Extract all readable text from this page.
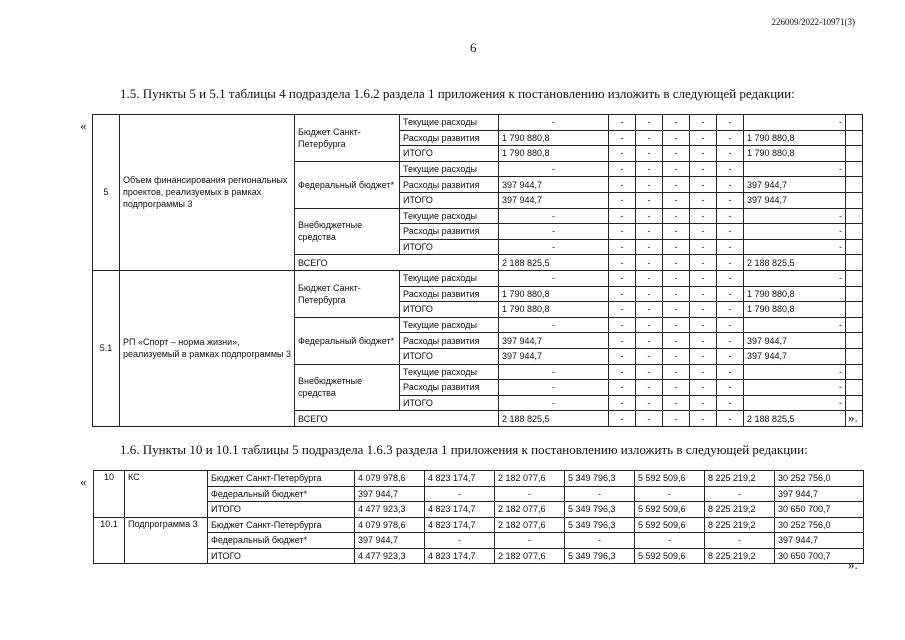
226009/2022-10971(3)
6
1.5. Пункты 5 и 5.1 таблицы 4 подраздела 1.6.2 раздела 1 приложения к постановлению изложить в следующей редакции:
«
».
5	Объем финансирования региональных проектов, реализуемых в рамках подпрограммы 3	Бюджет Санкт-Петербурга	Текущие расходы	-	-	-	-	-	-	-	
			Расходы развития	1 790 880,8	-	-	-	-	-	1 790 880,8	
			ИТОГО	1 790 880,8	-	-	-	-	-	1 790 880,8	
		Федеральный бюджет*	Текущие расходы	-	-	-	-	-	-	-	
			Расходы развития	397 944,7	-	-	-	-	-	397 944,7	
			ИТОГО	397 944,7	-	-	-	-	-	397 944,7	
		Внебюджетные средства	Текущие расходы	-	-	-	-	-	-	-	
			Расходы развития	-	-	-	-	-	-	-	
			ИТОГО	-	-	-	-	-	-	-	
		ВСЕГО		2 188 825,5	-	-	-	-	-	2 188 825,5	
5.1	РП «Спорт – норма жизни», реализуемый в рамках подпрограммы 3	Бюджет Санкт-Петербурга	Текущие расходы	-	-	-	-	-	-	-	
			Расходы развития	1 790 880,8	-	-	-	-	-	1 790 880,8	
			ИТОГО	1 790 880,8	-	-	-	-	-	1 790 880,8	
		Федеральный бюджет*	Текущие расходы	-	-	-	-	-	-	-	
			Расходы развития	397 944,7	-	-	-	-	-	397 944,7	
			ИТОГО	397 944,7	-	-	-	-	-	397 944,7	
		Внебюджетные средства	Текущие расходы	-	-	-	-	-	-	-	
			Расходы развития	-	-	-	-	-	-	-	
			ИТОГО	-	-	-	-	-	-	-	
		ВСЕГО		2 188 825,5	-	-	-	-	-	2 188 825,5	
1.6. Пункты 10 и 10.1 таблицы 5 подраздела 1.6.3 раздела 1 приложения к постановлению изложить в следующей редакции:
«
».
10	КС	Бюджет Санкт-Петербурга	4 079 978,6	4 823 174,7	2 182 077,6	5 349 796,3	5 592 509,6	8 225 219,2	30 252 756,0
		Федеральный бюджет*	397 944,7	-	-	-	-	-	397 944,7
		ИТОГО	4 477 923,3	4 823 174,7	2 182 077,6	5 349 796,3	5 592 509,6	8 225 219,2	30 650 700,7
10.1	Подпрограмма 3	Бюджет Санкт-Петербурга	4 079 978,6	4 823 174,7	2 182 077,6	5 349 796,3	5 592 509,6	8 225 219,2	30 252 756,0
		Федеральный бюджет*	397 944,7	-	-	-	-	-	397 944,7
		ИТОГО	4 477 923,3	4 823 174,7	2 182 077,6	5 349 796,3	5 592 509,6	8 225 219,2	30 650 700,7
